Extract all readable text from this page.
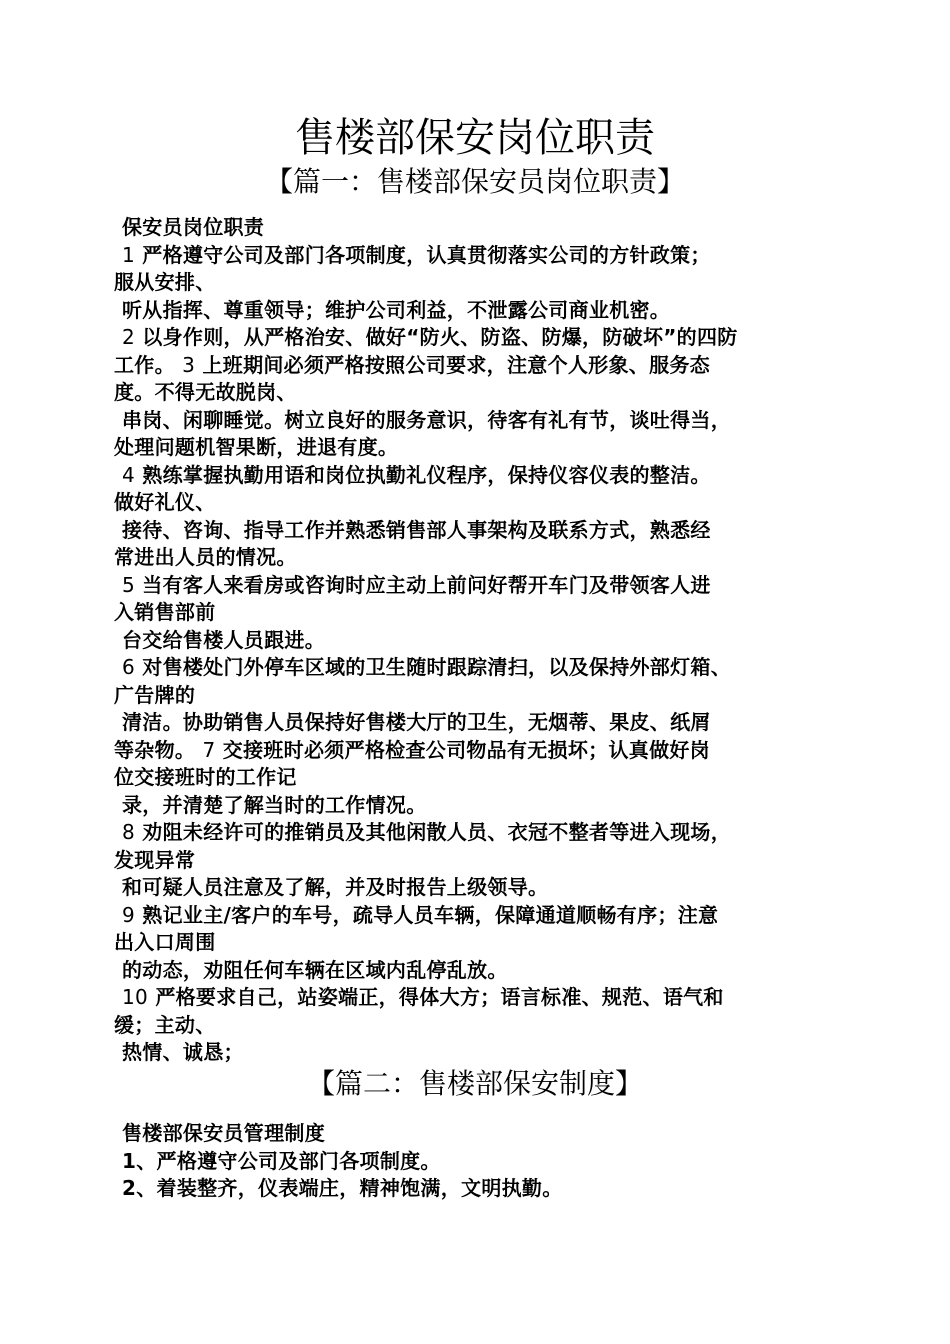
售楼部保安岗位职责
【篇一：售楼部保安员岗位职责】
保安员岗位职责
1 严格遵守公司及部门各项制度，认真贯彻落实公司的方针政策；
服从安排、
听从指挥、尊重领导；维护公司利益，不泄露公司商业机密。
2 以身作则，从严格治安、做好“防火、防盗、防爆，防破坏”的四防
工作。 3 上班期间必须严格按照公司要求，注意个人形象、服务态
度。不得无故脱岗、
串岗、闲聊睡觉。树立良好的服务意识，待客有礼有节，谈吐得当，
处理问题机智果断，进退有度。
4 熟练掌握执勤用语和岗位执勤礼仪程序，保持仪容仪表的整洁。
做好礼仪、
接待、咨询、指导工作并熟悉销售部人事架构及联系方式，熟悉经
常进出人员的情况。
5 当有客人来看房或咨询时应主动上前问好帮开车门及带领客人进
入销售部前
台交给售楼人员跟进。
6 对售楼处门外停车区域的卫生随时跟踪清扫，以及保持外部灯箱、
广告牌的
清洁。协助销售人员保持好售楼大厅的卫生，无烟蒂、果皮、纸屑
等杂物。 7 交接班时必须严格检查公司物品有无损坏；认真做好岗
位交接班时的工作记
录，并清楚了解当时的工作情况。
8 劝阻未经许可的推销员及其他闲散人员、衣冠不整者等进入现场，
发现异常
和可疑人员注意及了解，并及时报告上级领导。
9 熟记业主/客户的车号，疏导人员车辆，保障通道顺畅有序；注意
出入口周围
的动态，劝阻任何车辆在区域内乱停乱放。
10 严格要求自己，站姿端正，得体大方；语言标准、规范、语气和
缓；主动、
热情、诚恳；
【篇二：售楼部保安制度】
售楼部保安员管理制度
1、严格遵守公司及部门各项制度。
2、着装整齐，仪表端庄，精神饱满，文明执勤。
